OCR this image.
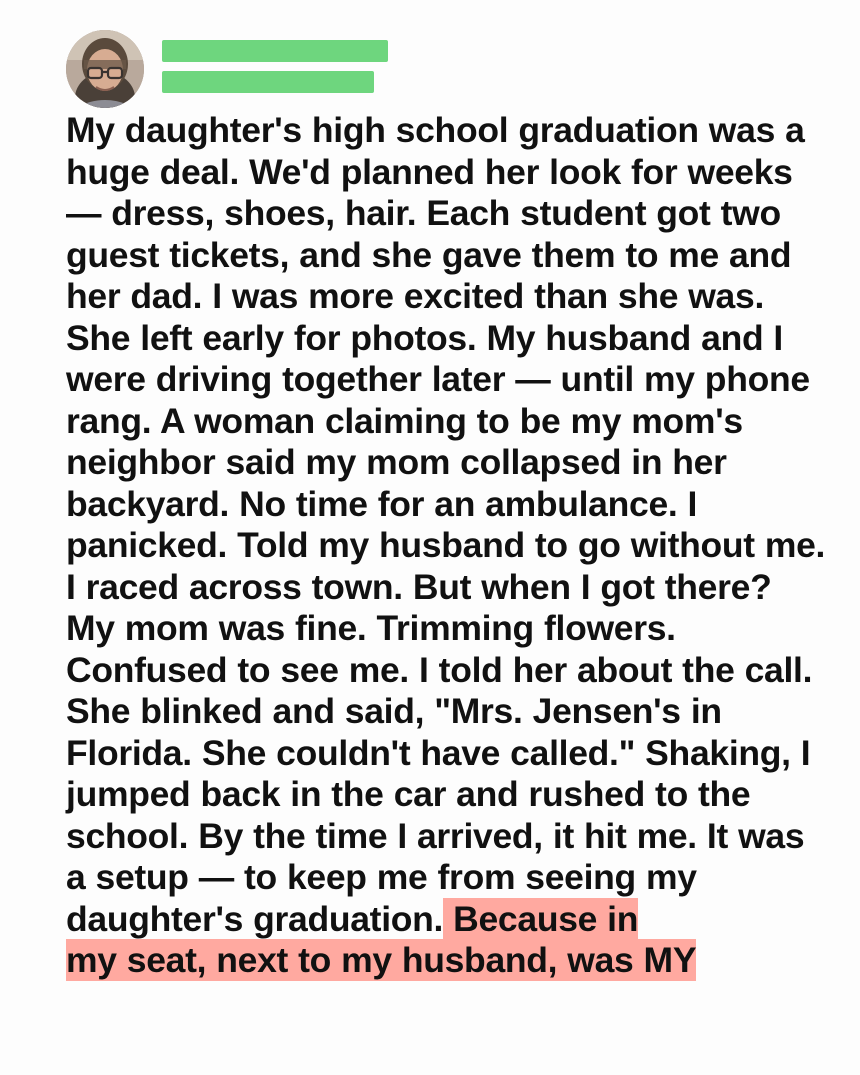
My daughter's high school graduation was a huge deal. We'd planned her look for weeks — dress, shoes, hair. Each student got two guest tickets, and she gave them to me and her dad. I was more excited than she was. She left early for photos. My husband and I were driving together later — until my phone rang. A woman claiming to be my mom's neighbor said my mom collapsed in her backyard. No time for an ambulance. I panicked. Told my husband to go without me. I raced across town. But when I got there? My mom was fine. Trimming flowers. Confused to see me. I told her about the call. She blinked and said, "Mrs. Jensen's in Florida. She couldn't have called." Shaking, I jumped back in the car and rushed to the school. By the time I arrived, it hit me. It was a setup — to keep me from seeing my daughter's graduation. Because in
my seat, next to my husband, was MY
